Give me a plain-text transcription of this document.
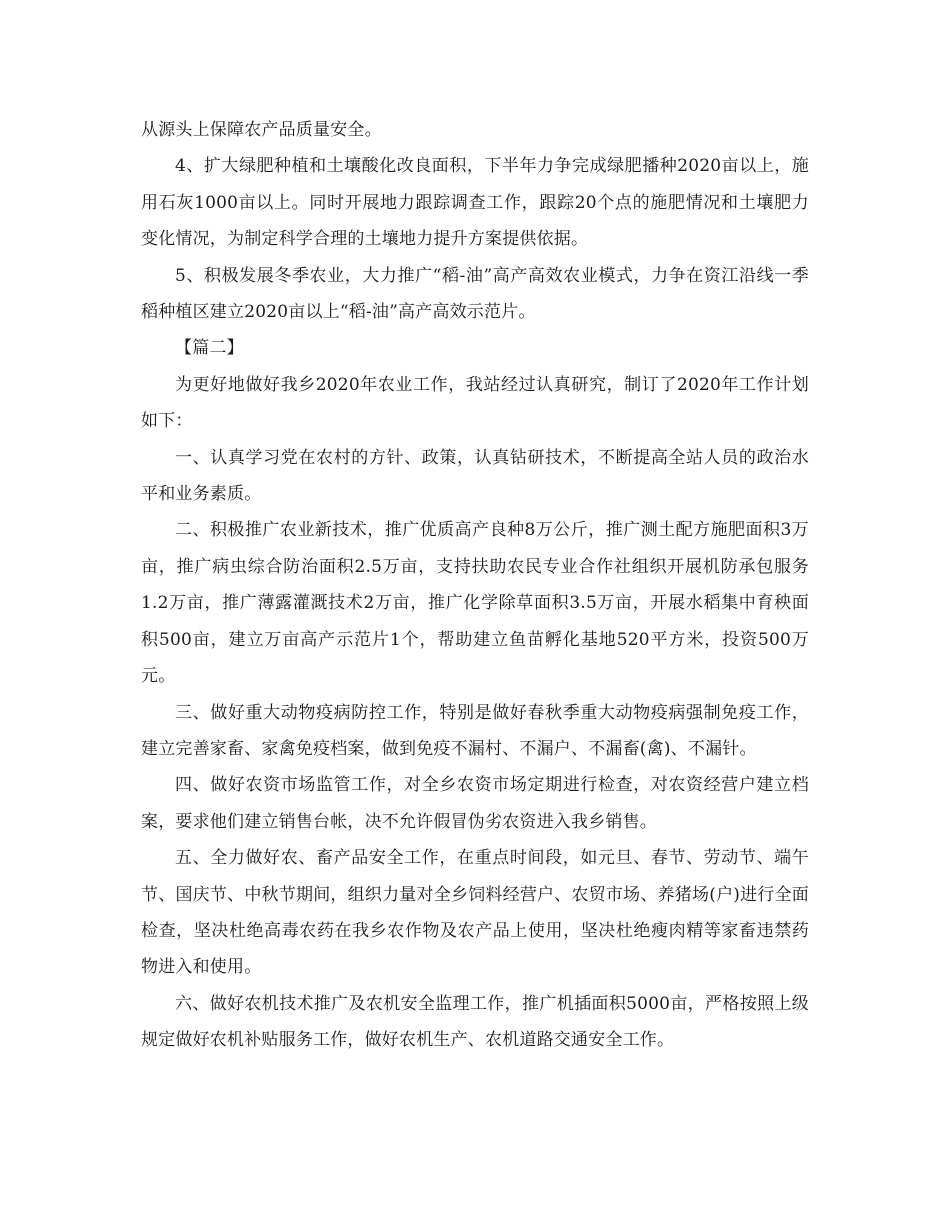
从源头上保障农产品质量安全。

4、扩大绿肥种植和土壤酸化改良面积，下半年力争完成绿肥播种2020亩以上，施用石灰1000亩以上。同时开展地力跟踪调查工作，跟踪20个点的施肥情况和土壤肥力变化情况，为制定科学合理的土壤地力提升方案提供依据。

5、积极发展冬季农业，大力推广“稻-油”高产高效农业模式，力争在资江沿线一季稻种植区建立2020亩以上“稻-油”高产高效示范片。

【篇二】

为更好地做好我乡2020年农业工作，我站经过认真研究，制订了2020年工作计划如下：

一、认真学习党在农村的方针、政策，认真钻研技术，不断提高全站人员的政治水平和业务素质。

二、积极推广农业新技术，推广优质高产良种8万公斤，推广测土配方施肥面积3万亩，推广病虫综合防治面积2.5万亩，支持扶助农民专业合作社组织开展机防承包服务1.2万亩，推广薄露灌溉技术2万亩，推广化学除草面积3.5万亩，开展水稻集中育秧面积500亩，建立万亩高产示范片1个，帮助建立鱼苗孵化基地520平方米，投资500万元。

三、做好重大动物疫病防控工作，特别是做好春秋季重大动物疫病强制免疫工作，建立完善家畜、家禽免疫档案，做到免疫不漏村、不漏户、不漏畜(禽)、不漏针。

四、做好农资市场监管工作，对全乡农资市场定期进行检查，对农资经营户建立档案，要求他们建立销售台帐，决不允许假冒伪劣农资进入我乡销售。

五、全力做好农、畜产品安全工作，在重点时间段，如元旦、春节、劳动节、端午节、国庆节、中秋节期间，组织力量对全乡饲料经营户、农贸市场、养猪场(户)进行全面检查，坚决杜绝高毒农药在我乡农作物及农产品上使用，坚决杜绝瘦肉精等家畜违禁药物进入和使用。

六、做好农机技术推广及农机安全监理工作，推广机插面积5000亩，严格按照上级规定做好农机补贴服务工作，做好农机生产、农机道路交通安全工作。
